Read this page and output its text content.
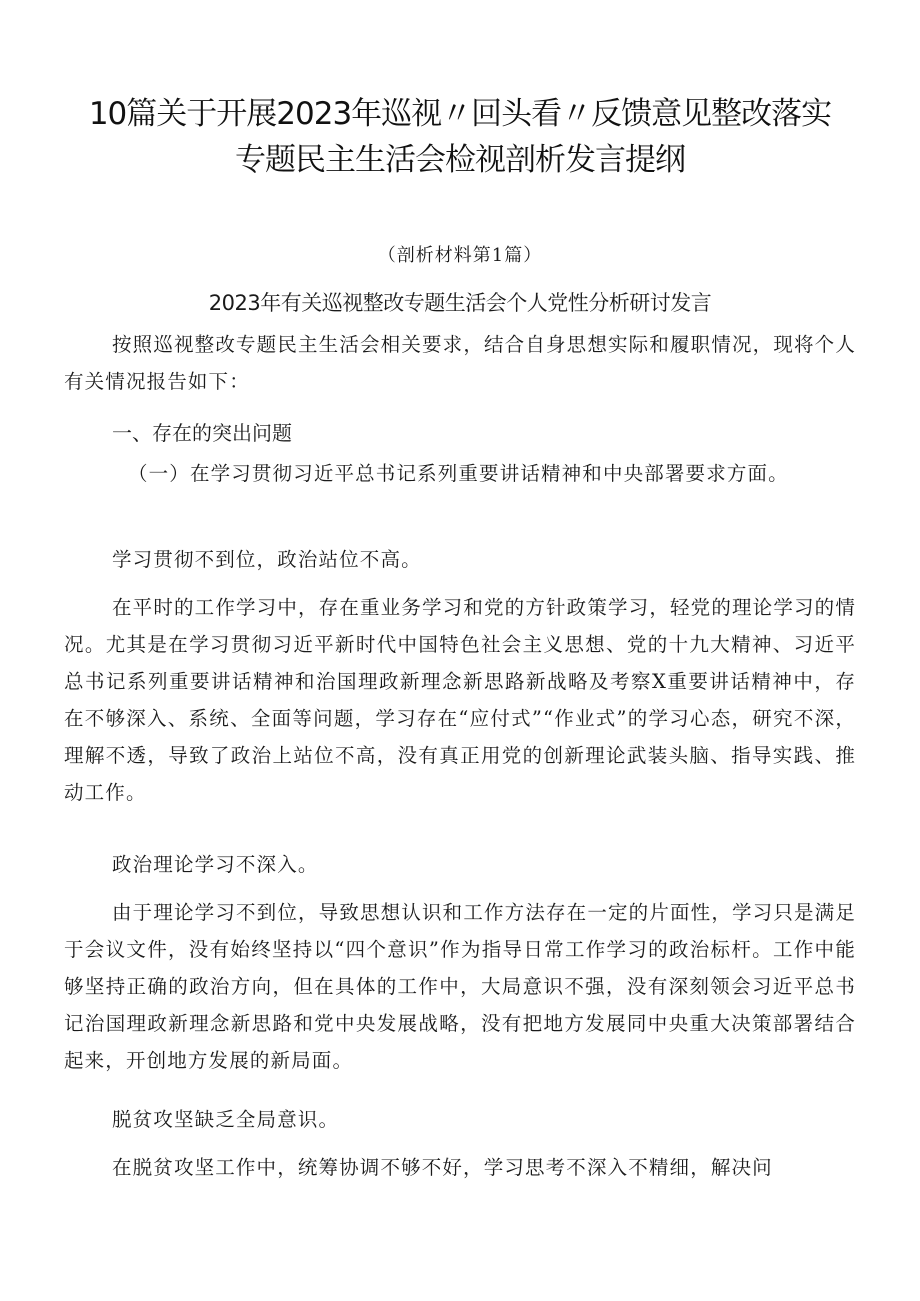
10篇关于开展2023年巡视〃回头看〃反馈意见整改落实
专题民主生活会检视剖析发言提纲
（剖析材料第1篇）
2023年有关巡视整改专题生活会个人党性分析研讨发言

按照巡视整改专题民主生活会相关要求，结合自身思想实际和履职情况，现将个人有关情况报告如下：

一、存在的突出问题

（一）在学习贯彻习近平总书记系列重要讲话精神和中央部署要求方面。

学习贯彻不到位，政治站位不高。

在平时的工作学习中，存在重业务学习和党的方针政策学习，轻党的理论学习的情况。尤其是在学习贯彻习近平新时代中国特色社会主义思想、党的十九大精神、习近平总书记系列重要讲话精神和治国理政新理念新思路新战略及考察X重要讲话精神中，存在不够深入、系统、全面等问题，学习存在“应付式”“作业式”的学习心态，研究不深，理解不透，导致了政治上站位不高，没有真正用党的创新理论武装头脑、指导实践、推动工作。

政治理论学习不深入。

由于理论学习不到位，导致思想认识和工作方法存在一定的片面性，学习只是满足于会议文件，没有始终坚持以“四个意识”作为指导日常工作学习的政治标杆。工作中能够坚持正确的政治方向，但在具体的工作中，大局意识不强，没有深刻领会习近平总书记治国理政新理念新思路和党中央发展战略，没有把地方发展同中央重大决策部署结合起来，开创地方发展的新局面。

脱贫攻坚缺乏全局意识。

在脱贫攻坚工作中，统筹协调不够不好，学习思考不深入不精细，解决问
